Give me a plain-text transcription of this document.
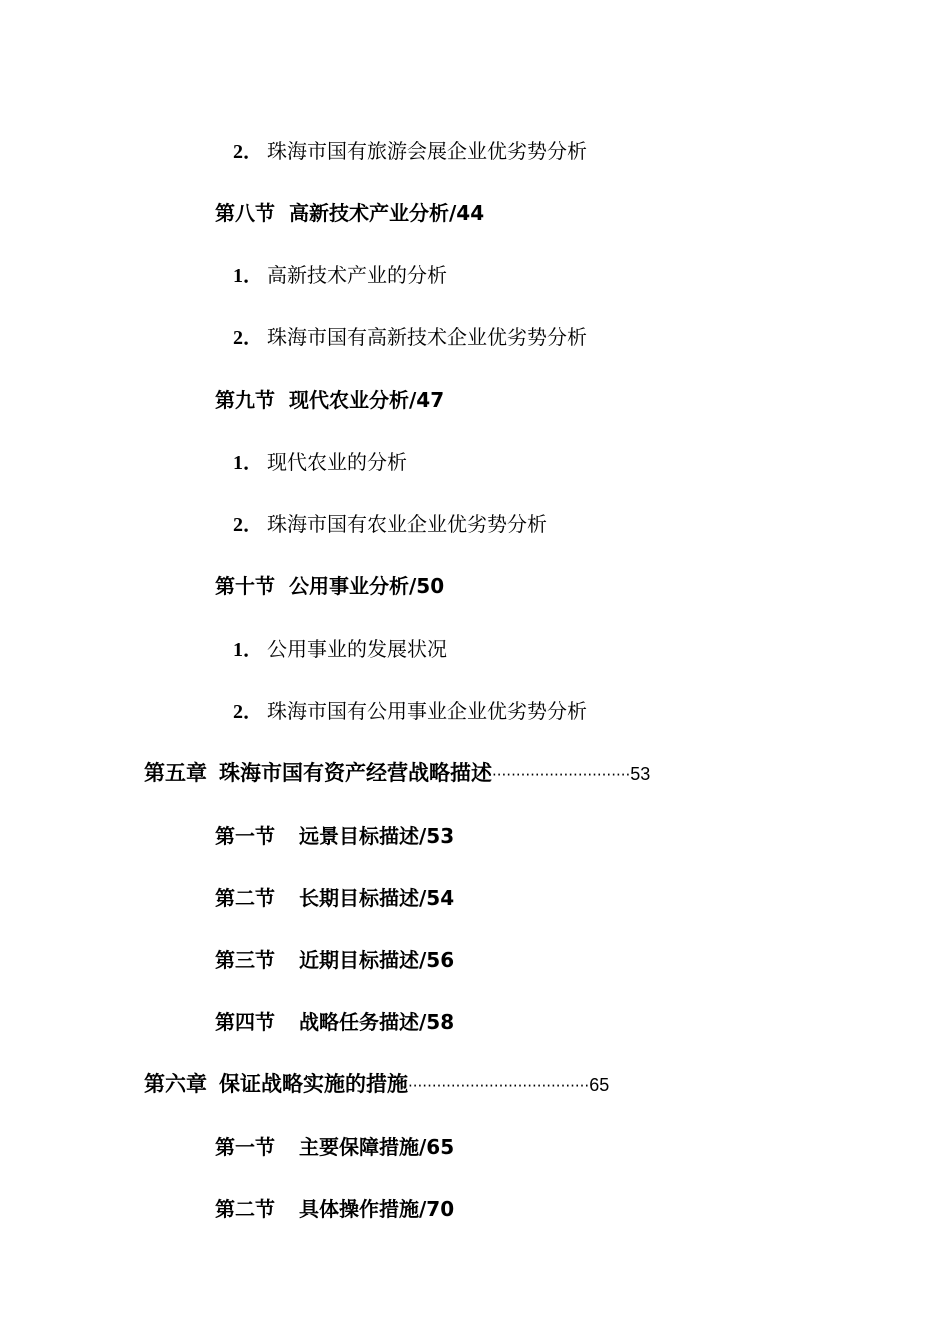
2． 珠海市国有旅游会展企业优劣势分析
第八节 高新技术产业分析/44
1． 高新技术产业的分析
2． 珠海市国有高新技术企业优劣势分析
第九节 现代农业分析/47
1． 现代农业的分析
2． 珠海市国有农业企业优劣势分析
第十节 公用事业分析/50
1． 公用事业的发展状况
2． 珠海市国有公用事业企业优劣势分析
第五章 珠海市国有资产经营战略描述·····························53
第一节 远景目标描述/53
第二节 长期目标描述/54
第三节 近期目标描述/56
第四节 战略任务描述/58
第六章 保证战略实施的措施······································65
第一节 主要保障措施/65
第二节 具体操作措施/70
